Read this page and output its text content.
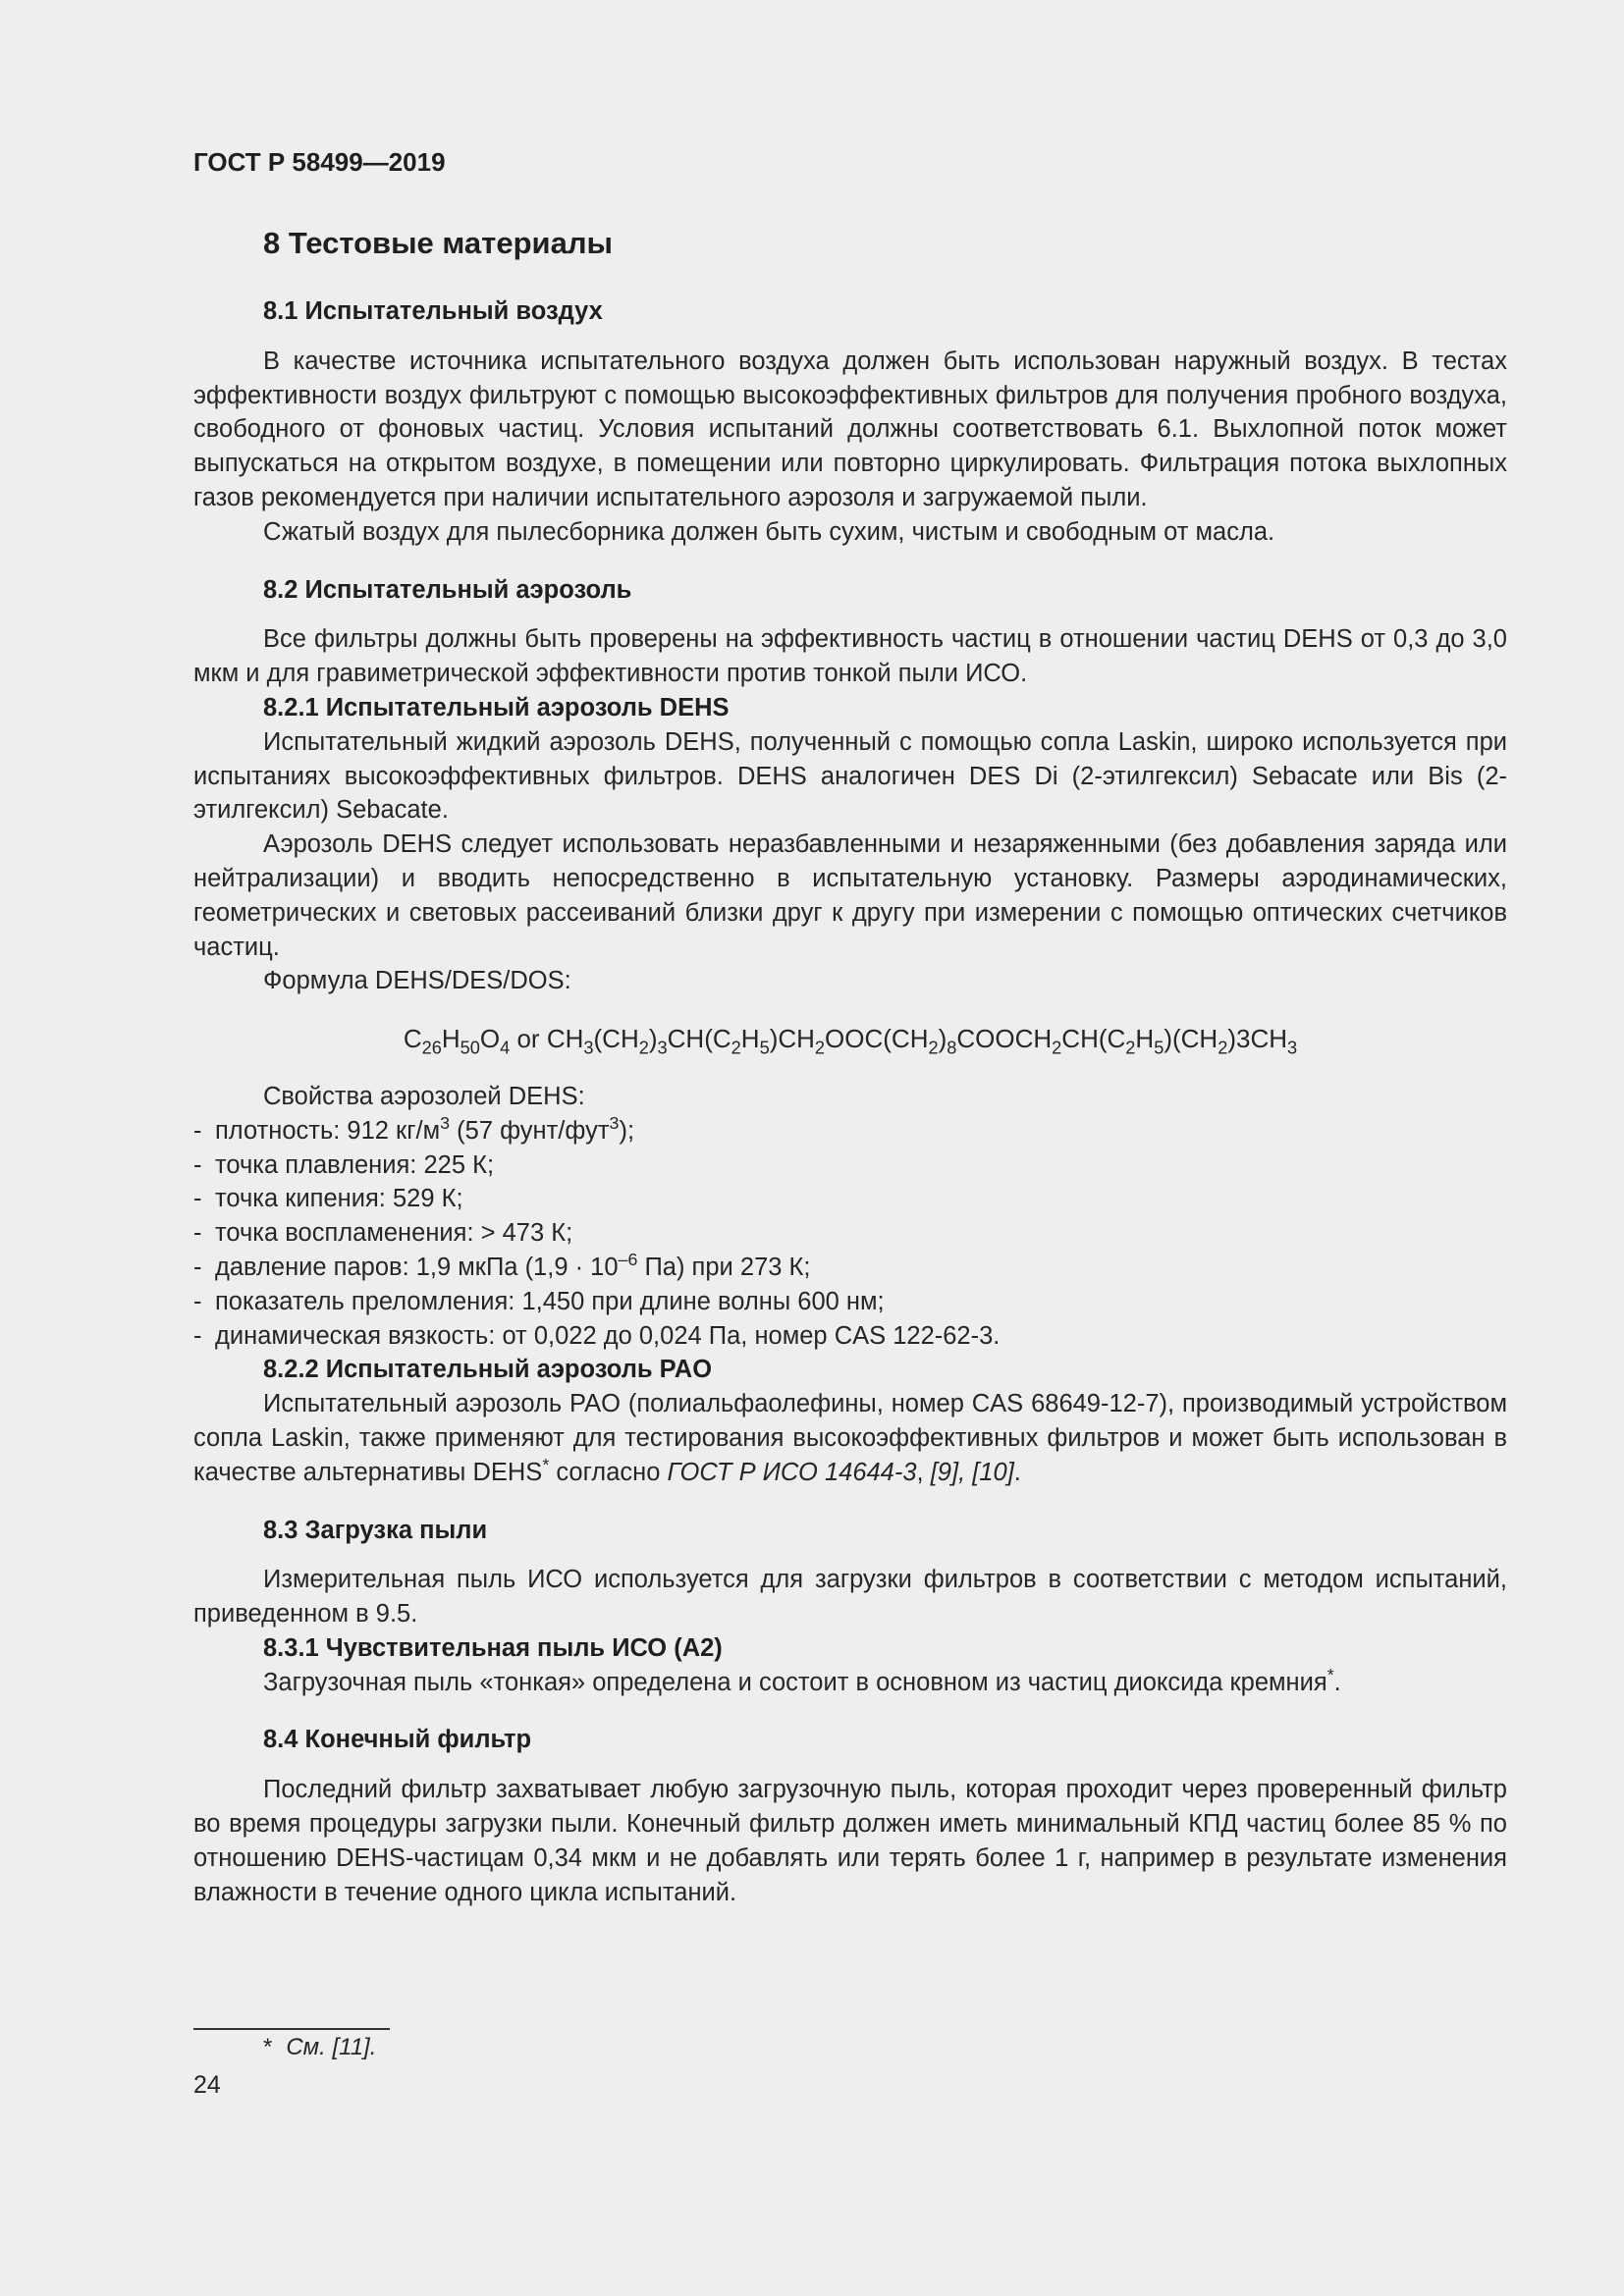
ГОСТ Р 58499—2019
8 Тестовые материалы
8.1 Испытательный воздух

В качестве источника испытательного воздуха должен быть использован наружный воздух. В тестах эффективности воздух фильтруют с помощью высокоэффективных фильтров для получения пробного воздуха, свободного от фоновых частиц. Условия испытаний должны соответствовать 6.1. Выхлопной поток может выпускаться на открытом воздухе, в помещении или повторно циркулировать. Фильтрация потока выхлопных газов рекомендуется при наличии испытательного аэрозоля и загружаемой пыли.

Сжатый воздух для пылесборника должен быть сухим, чистым и свободным от масла.

8.2 Испытательный аэрозоль

Все фильтры должны быть проверены на эффективность частиц в отношении частиц DEHS от 0,3 до 3,0 мкм и для гравиметрической эффективности против тонкой пыли ИСО.

8.2.1 Испытательный аэрозоль DEHS

Испытательный жидкий аэрозоль DEHS, полученный с помощью сопла Laskin, широко используется при испытаниях высокоэффективных фильтров. DEHS аналогичен DES Di (2-этилгексил) Sebacate или Bis (2-этилгексил) Sebacate.

Аэрозоль DEHS следует использовать неразбавленными и незаряженными (без добавления заряда или нейтрализации) и вводить непосредственно в испытательную установку. Размеры аэродинамических, геометрических и световых рассеиваний близки друг к другу при измерении с помощью оптических счетчиков частиц.

Формула DEHS/DES/DOS:

$C_{26}H_{50}O_4$ or $CH_3(CH_2)_3CH(C_2H_5)CH_2OOC(CH_2)_8COOCH_2CH(C_2H_5)(CH_2)3CH_3$

Свойства аэрозолей DEHS:

- плотность: 912 $кг/м^3$ (57 фунт/фут$^3$);
- точка плавления: 225 К;
- точка кипения: 529 К;
- точка воспламенения: > 473 К;
- давление паров: 1,9 мкПа ($1,9 \cdot 10^{-6}$ Па) при 273 К;
- показатель преломления: 1,450 при длине волны 600 нм;
- динамическая вязкость: от 0,022 до 0,024 Па, номер CAS 122-62-3.
8.2.2 Испытательный аэрозоль PAO

Испытательный аэрозоль PAO (полиальфаолефины, номер CAS 68649-12-7), производимый устройством сопла Laskin, также применяют для тестирования высокоэффективных фильтров и может быть использован в качестве альтернативы DEHS* согласно ГОСТ Р ИСО 14644-3, [9], [10].

8.3 Загрузка пыли

Измерительная пыль ИСО используется для загрузки фильтров в соответствии с методом испытаний, приведенном в 9.5.

8.3.1 Чувствительная пыль ИСО (A2)

Загрузочная пыль «тонкая» определена и состоит в основном из частиц диоксида кремния*.

8.4 Конечный фильтр

Последний фильтр захватывает любую загрузочную пыль, которая проходит через проверенный фильтр во время процедуры загрузки пыли. Конечный фильтр должен иметь минимальный КПД частиц более 85 % по отношению DEHS-частицам 0,34 мкм и не добавлять или терять более 1 г, например в результате изменения влажности в течение одного цикла испытаний.

* См. [11].
24
